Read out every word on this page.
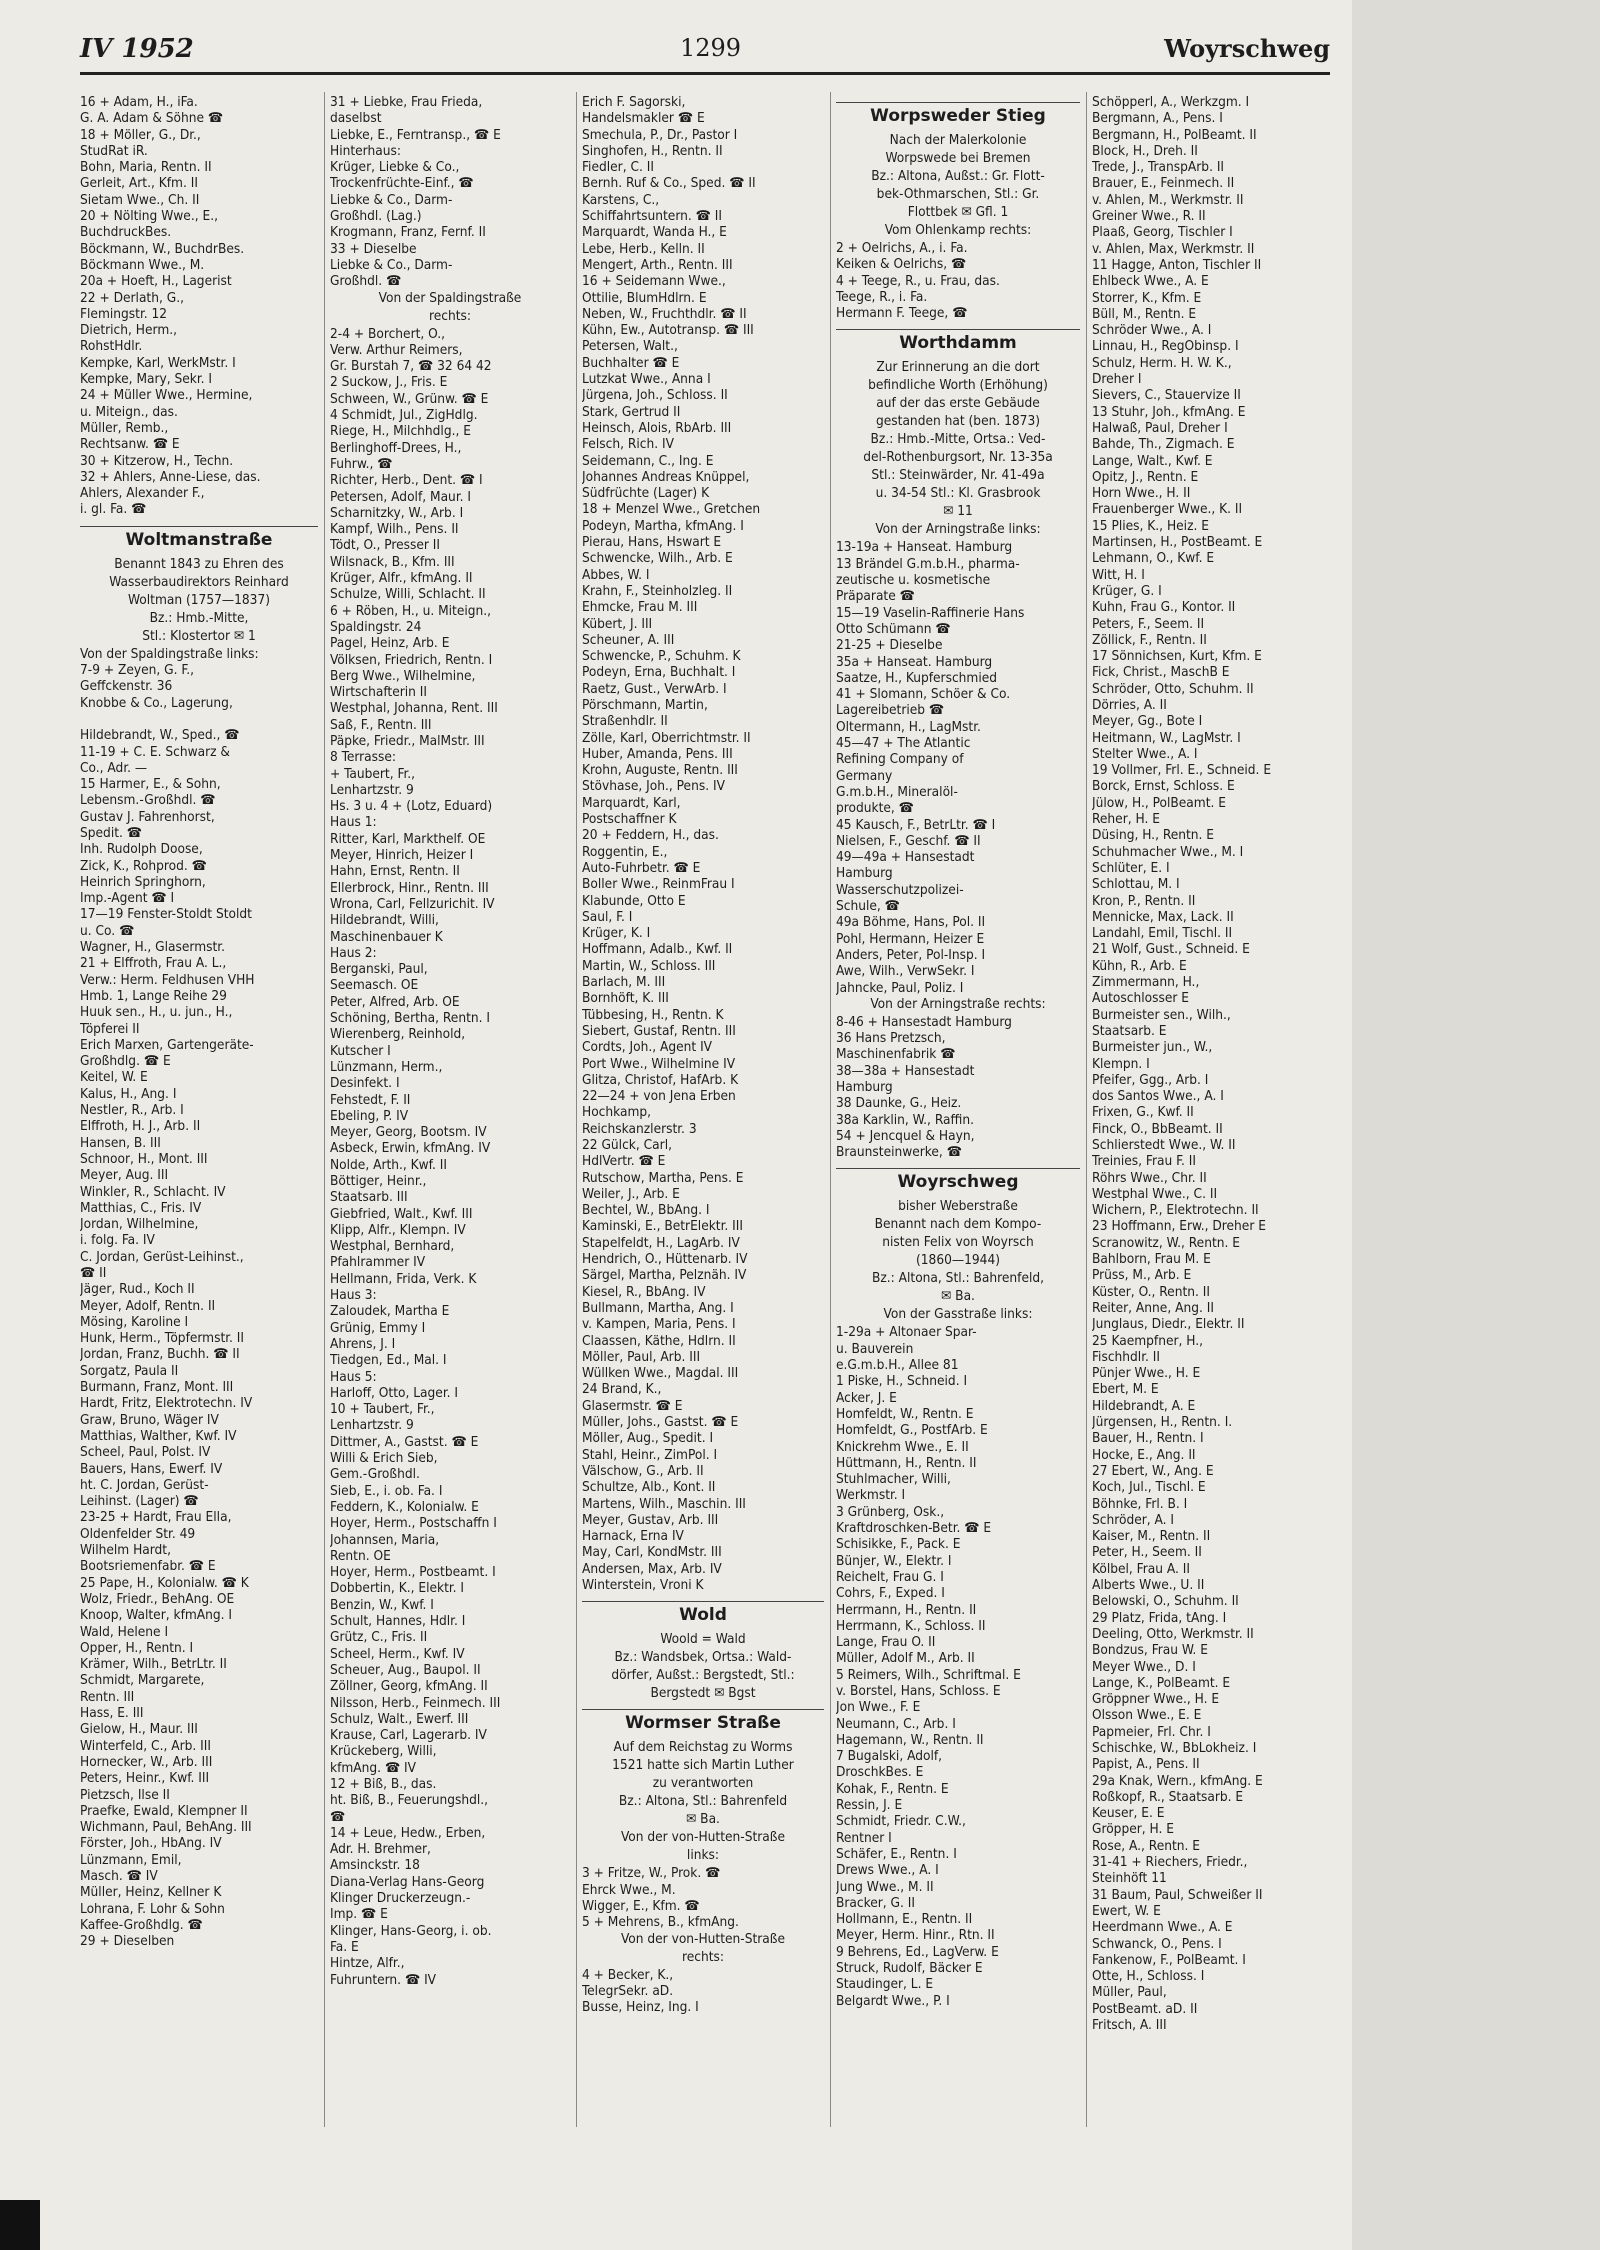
IV 1952	1299	Woyrschweg
16 + Adam, H., iFa.
G. A. Adam & Söhne ☎
18 + Möller, G., Dr.,
StudRat iR.
Bohn, Maria, Rentn. II
Gerleit, Art., Kfm. II
Sietam Wwe., Ch. II
20 + Nölting Wwe., E.,
BuchdruckBes.
Böckmann, W., BuchdrBes.
Böckmann Wwe., M.
20a + Hoeft, H., Lagerist
22 + Derlath, G.,
Flemingstr. 12
Dietrich, Herm.,
RohstHdlr.
Kempke, Karl, WerkMstr. I
Kempke, Mary, Sekr. I
24 + Müller Wwe., Hermine,
u. Miteign., das.
Müller, Remb.,
Rechtsanw. ☎ E
30 + Kitzerow, H., Techn.
32 + Ahlers, Anne-Liese, das.
Ahlers, Alexander F.,
i. gl. Fa. ☎
Woltmanstraße
Benannt 1843 zu Ehren des
Wasserbaudirektors Reinhard
Woltman (1757—1837)
Bz.: Hmb.-Mitte,
Stl.: Klostertor ✉ 1
Von der Spaldingstraße links:
7-9 + Zeyen, G. F.,
Geffckenstr. 36
Knobbe & Co., Lagerung,

Hildebrandt, W., Sped., ☎
11-19 + C. E. Schwarz &
Co., Adr. —
15 Harmer, E., & Sohn,
Lebensm.-Großhdl. ☎
Gustav J. Fahrenhorst,
Spedit. ☎
Inh. Rudolph Doose,
Zick, K., Rohprod. ☎
Heinrich Springhorn,
Imp.-Agent ☎ I
17—19 Fenster-Stoldt Stoldt
u. Co. ☎
Wagner, H., Glasermstr.
21 + Elffroth, Frau A. L.,
Verw.: Herm. Feldhusen VHH
Hmb. 1, Lange Reihe 29
Huuk sen., H., u. jun., H.,
Töpferei II
Erich Marxen, Gartengeräte-
Großhdlg. ☎ E
Keitel, W. E
Kalus, H., Ang. I
Nestler, R., Arb. I
Elffroth, H. J., Arb. II
Hansen, B. III
Schnoor, H., Mont. III
Meyer, Aug. III
Winkler, R., Schlacht. IV
Matthias, C., Fris. IV
Jordan, Wilhelmine,
i. folg. Fa. IV
C. Jordan, Gerüst-Leihinst.,
☎ II
Jäger, Rud., Koch II
Meyer, Adolf, Rentn. II
Mösing, Karoline I
Hunk, Herm., Töpfermstr. II
Jordan, Franz, Buchh. ☎ II
Sorgatz, Paula II
Burmann, Franz, Mont. III
Hardt, Fritz, Elektrotechn. IV
Graw, Bruno, Wäger IV
Matthias, Walther, Kwf. IV
Scheel, Paul, Polst. IV
Bauers, Hans, Ewerf. IV
ht. C. Jordan, Gerüst-
Leihinst. (Lager) ☎
23-25 + Hardt, Frau Ella,
Oldenfelder Str. 49
Wilhelm Hardt,
Bootsriemenfabr. ☎ E
25 Pape, H., Kolonialw. ☎ K
Wolz, Friedr., BehAng. OE
Knoop, Walter, kfmAng. I
Wald, Helene I
Opper, H., Rentn. I
Krämer, Wilh., BetrLtr. II
Schmidt, Margarete,
Rentn. III
Hass, E. III
Gielow, H., Maur. III
Winterfeld, C., Arb. III
Hornecker, W., Arb. III
Peters, Heinr., Kwf. III
Pietzsch, Ilse II
Praefke, Ewald, Klempner II
Wichmann, Paul, BehAng. III
Förster, Joh., HbAng. IV
Lünzmann, Emil,
Masch. ☎ IV
Müller, Heinz, Kellner K
Lohrana, F. Lohr & Sohn
Kaffee-Großhdlg. ☎
29 + Dieselben
31 + Liebke, Frau Frieda,
daselbst
Liebke, E., Ferntransp., ☎ E
Hinterhaus:
Krüger, Liebke & Co.,
Trockenfrüchte-Einf., ☎
Liebke & Co., Darm-
Großhdl. (Lag.)
Krogmann, Franz, Fernf. II
33 + Dieselbe
Liebke & Co., Darm-
Großhdl. ☎
Von der Spaldingstraße
rechts:
2-4 + Borchert, O.,
Verw. Arthur Reimers,
Gr. Burstah 7, ☎ 32 64 42
2 Suckow, J., Fris. E
Schween, W., Grünw. ☎ E
4 Schmidt, Jul., ZigHdlg.
Riege, H., Milchhdlg., E
Berlinghoff-Drees, H.,
Fuhrw., ☎
Richter, Herb., Dent. ☎ I
Petersen, Adolf, Maur. I
Scharnitzky, W., Arb. I
Kampf, Wilh., Pens. II
Tödt, O., Presser II
Wilsnack, B., Kfm. III
Krüger, Alfr., kfmAng. II
Schulze, Willi, Schlacht. II
6 + Röben, H., u. Miteign.,
Spaldingstr. 24
Pagel, Heinz, Arb. E
Völksen, Friedrich, Rentn. I
Berg Wwe., Wilhelmine,
Wirtschafterin II
Westphal, Johanna, Rent. III
Saß, F., Rentn. III
Päpke, Friedr., MalMstr. III
8 Terrasse:
+ Taubert, Fr.,
Lenhartzstr. 9
Hs. 3 u. 4 + (Lotz, Eduard)
Haus 1:
Ritter, Karl, Markthelf. OE
Meyer, Hinrich, Heizer I
Hahn, Ernst, Rentn. II
Ellerbrock, Hinr., Rentn. III
Wrona, Carl, Fellzurichit. IV
Hildebrandt, Willi,
Maschinenbauer K
Haus 2:
Berganski, Paul,
Seemasch. OE
Peter, Alfred, Arb. OE
Schöning, Bertha, Rentn. I
Wierenberg, Reinhold,
Kutscher I
Lünzmann, Herm.,
Desinfekt. I
Fehstedt, F. II
Ebeling, P. IV
Meyer, Georg, Bootsm. IV
Asbeck, Erwin, kfmAng. IV
Nolde, Arth., Kwf. II
Böttiger, Heinr.,
Staatsarb. III
Giebfried, Walt., Kwf. III
Klipp, Alfr., Klempn. IV
Westphal, Bernhard,
Pfahlrammer IV
Hellmann, Frida, Verk. K
Haus 3:
Zaloudek, Martha E
Grünig, Emmy I
Ahrens, J. I
Tiedgen, Ed., Mal. I
Haus 5:
Harloff, Otto, Lager. I
10 + Taubert, Fr.,
Lenhartzstr. 9
Dittmer, A., Gastst. ☎ E
Willi & Erich Sieb,
Gem.-Großhdl.
Sieb, E., i. ob. Fa. I
Feddern, K., Kolonialw. E
Hoyer, Herm., Postschaffn I
Johannsen, Maria,
Rentn. OE
Hoyer, Herm., Postbeamt. I
Dobbertin, K., Elektr. I
Benzin, W., Kwf. I
Schult, Hannes, Hdlr. I
Grütz, C., Fris. II
Scheel, Herm., Kwf. IV
Scheuer, Aug., Baupol. II
Zöllner, Georg, kfmAng. II
Nilsson, Herb., Feinmech. III
Schulz, Walt., Ewerf. III
Krause, Carl, Lagerarb. IV
Krückeberg, Willi,
kfmAng. ☎ IV
12 + Biß, B., das.
ht. Biß, B., Feuerungshdl.,
☎
14 + Leue, Hedw., Erben,
Adr. H. Brehmer,
Amsinckstr. 18
Diana-Verlag Hans-Georg
Klinger Druckerzeugn.-
Imp. ☎ E
Klinger, Hans-Georg, i. ob.
Fa. E
Hintze, Alfr.,
Fuhruntern. ☎ IV
Erich F. Sagorski,
Handelsmakler ☎ E
Smechula, P., Dr., Pastor I
Singhofen, H., Rentn. II
Fiedler, C. II
Bernh. Ruf & Co., Sped. ☎ II
Karstens, C.,
Schiffahrtsuntern. ☎ II
Marquardt, Wanda H., E
Lebe, Herb., Kelln. II
Mengert, Arth., Rentn. III
16 + Seidemann Wwe.,
Ottilie, BlumHdlrn. E
Neben, W., Fruchthdlr. ☎ II
Kühn, Ew., Autotransp. ☎ III
Petersen, Walt.,
Buchhalter ☎ E
Lutzkat Wwe., Anna I
Jürgena, Joh., Schloss. II
Stark, Gertrud II
Heinsch, Alois, RbArb. III
Felsch, Rich. IV
Seidemann, C., Ing. E
Johannes Andreas Knüppel,
Südfrüchte (Lager) K
18 + Menzel Wwe., Gretchen
Podeyn, Martha, kfmAng. I
Pierau, Hans, Hswart E
Schwencke, Wilh., Arb. E
Abbes, W. I
Krahn, F., Steinholzleg. II
Ehmcke, Frau M. III
Kübert, J. III
Scheuner, A. III
Schwencke, P., Schuhm. K
Podeyn, Erna, Buchhalt. I
Raetz, Gust., VerwArb. I
Pörschmann, Martin,
Straßenhdlr. II
Zölle, Karl, Oberrichtmstr. II
Huber, Amanda, Pens. III
Krohn, Auguste, Rentn. III
Stövhase, Joh., Pens. IV
Marquardt, Karl,
Postschaffner K
20 + Feddern, H., das.
Roggentin, E.,
Auto-Fuhrbetr. ☎ E
Boller Wwe., ReinmFrau I
Klabunde, Otto E
Saul, F. I
Krüger, K. I
Hoffmann, Adalb., Kwf. II
Martin, W., Schloss. III
Barlach, M. III
Bornhöft, K. III
Tübbesing, H., Rentn. K
Siebert, Gustaf, Rentn. III
Cordts, Joh., Agent IV
Port Wwe., Wilhelmine IV
Glitza, Christof, HafArb. K
22—24 + von Jena Erben
Hochkamp,
Reichskanzlerstr. 3
22 Gülck, Carl,
HdlVertr. ☎ E
Rutschow, Martha, Pens. E
Weiler, J., Arb. E
Bechtel, W., BbAng. I
Kaminski, E., BetrElektr. III
Stapelfeldt, H., LagArb. IV
Hendrich, O., Hüttenarb. IV
Särgel, Martha, Pelznäh. IV
Kiesel, R., BbAng. IV
Bullmann, Martha, Ang. I
v. Kampen, Maria, Pens. I
Claassen, Käthe, Hdlrn. II
Möller, Paul, Arb. III
Wüllken Wwe., Magdal. III
24 Brand, K.,
Glasermstr. ☎ E
Müller, Johs., Gastst. ☎ E
Möller, Aug., Spedit. I
Stahl, Heinr., ZimPol. I
Välschow, G., Arb. II
Schultze, Alb., Kont. II
Martens, Wilh., Maschin. III
Meyer, Gustav, Arb. III
Harnack, Erna IV
May, Carl, KondMstr. III
Andersen, Max, Arb. IV
Winterstein, Vroni K
Wold
Woold = Wald
Bz.: Wandsbek, Ortsa.: Wald-
dörfer, Außst.: Bergstedt, Stl.:
Bergstedt ✉ Bgst
Wormser Straße
Auf dem Reichstag zu Worms
1521 hatte sich Martin Luther
zu verantworten
Bz.: Altona, Stl.: Bahrenfeld
✉ Ba.
Von der von-Hutten-Straße
links:
3 + Fritze, W., Prok. ☎
Ehrck Wwe., M.
Wigger, E., Kfm. ☎
5 + Mehrens, B., kfmAng.
Von der von-Hutten-Straße
rechts:
4 + Becker, K.,
TelegrSekr. aD.
Busse, Heinz, Ing. I
Worpsweder Stieg
Nach der Malerkolonie
Worpswede bei Bremen
Bz.: Altona, Außst.: Gr. Flott-
bek-Othmarschen, Stl.: Gr.
Flottbek ✉ Gfl. 1
Vom Ohlenkamp rechts:
2 + Oelrichs, A., i. Fa.
Keiken & Oelrichs, ☎
4 + Teege, R., u. Frau, das.
Teege, R., i. Fa.
Hermann F. Teege, ☎
Worthdamm
Zur Erinnerung an die dort
befindliche Worth (Erhöhung)
auf der das erste Gebäude
gestanden hat (ben. 1873)
Bz.: Hmb.-Mitte, Ortsa.: Ved-
del-Rothenburgsort, Nr. 13-35a
Stl.: Steinwärder, Nr. 41-49a
u. 34-54 Stl.: Kl. Grasbrook
✉ 11
Von der Arningstraße links:
13-19a + Hanseat. Hamburg
13 Brändel G.m.b.H., pharma-
zeutische u. kosmetische
Präparate ☎
15—19 Vaselin-Raffinerie Hans
Otto Schümann ☎
21-25 + Dieselbe
35a + Hanseat. Hamburg
Saatze, H., Kupferschmied
41 + Slomann, Schöer & Co.
Lagereibetrieb ☎
Oltermann, H., LagMstr.
45—47 + The Atlantic
Refining Company of
Germany
G.m.b.H., Mineralöl-
produkte, ☎
45 Kausch, F., BetrLtr. ☎ I
Nielsen, F., Geschf. ☎ II
49—49a + Hansestadt
Hamburg
Wasserschutzpolizei-
Schule, ☎
49a Böhme, Hans, Pol. II
Pohl, Hermann, Heizer E
Anders, Peter, Pol-Insp. I
Awe, Wilh., VerwSekr. I
Jahncke, Paul, Poliz. I
Von der Arningstraße rechts:
8-46 + Hansestadt Hamburg
36 Hans Pretzsch,
Maschinenfabrik ☎
38—38a + Hansestadt
Hamburg
38 Daunke, G., Heiz.
38a Karklin, W., Raffin.
54 + Jencquel & Hayn,
Braunsteinwerke, ☎
Woyrschweg
bisher Weberstraße
Benannt nach dem Kompo-
nisten Felix von Woyrsch
(1860—1944)
Bz.: Altona, Stl.: Bahrenfeld,
✉ Ba.
Von der Gasstraße links:
1-29a + Altonaer Spar-
u. Bauverein
e.G.m.b.H., Allee 81
1 Piske, H., Schneid. I
Acker, J. E
Homfeldt, W., Rentn. E
Homfeldt, G., PostfArb. E
Knickrehm Wwe., E. II
Hüttmann, H., Rentn. II
Stuhlmacher, Willi,
Werkmstr. I
3 Grünberg, Osk.,
Kraftdroschken-Betr. ☎ E
Schisikke, F., Pack. E
Bünjer, W., Elektr. I
Reichelt, Frau G. I
Cohrs, F., Exped. I
Herrmann, H., Rentn. II
Herrmann, K., Schloss. II
Lange, Frau O. II
Müller, Adolf M., Arb. II
5 Reimers, Wilh., Schriftmal. E
v. Borstel, Hans, Schloss. E
Jon Wwe., F. E
Neumann, C., Arb. I
Hagemann, W., Rentn. II
7 Bugalski, Adolf,
DroschkBes. E
Kohak, F., Rentn. E
Ressin, J. E
Schmidt, Friedr. C.W.,
Rentner I
Schäfer, E., Rentn. I
Drews Wwe., A. I
Jung Wwe., M. II
Bracker, G. II
Hollmann, E., Rentn. II
Meyer, Herm. Hinr., Rtn. II
9 Behrens, Ed., LagVerw. E
Struck, Rudolf, Bäcker E
Staudinger, L. E
Belgardt Wwe., P. I
Schöpperl, A., Werkzgm. I
Bergmann, A., Pens. I
Bergmann, H., PolBeamt. II
Block, H., Dreh. II
Trede, J., TranspArb. II
Brauer, E., Feinmech. II
v. Ahlen, M., Werkmstr. II
Greiner Wwe., R. II
Plaaß, Georg, Tischler I
v. Ahlen, Max, Werkmstr. II
11 Hagge, Anton, Tischler II
Ehlbeck Wwe., A. E
Storrer, K., Kfm. E
Büll, M., Rentn. E
Schröder Wwe., A. I
Linnau, H., RegObinsp. I
Schulz, Herm. H. W. K.,
Dreher I
Sievers, C., Stauervize II
13 Stuhr, Joh., kfmAng. E
Halwaß, Paul, Dreher I
Bahde, Th., Zigmach. E
Lange, Walt., Kwf. E
Opitz, J., Rentn. E
Horn Wwe., H. II
Frauenberger Wwe., K. II
15 Plies, K., Heiz. E
Martinsen, H., PostBeamt. E
Lehmann, O., Kwf. E
Witt, H. I
Krüger, G. I
Kuhn, Frau G., Kontor. II
Peters, F., Seem. II
Zöllick, F., Rentn. II
17 Sönnichsen, Kurt, Kfm. E
Fick, Christ., MaschB E
Schröder, Otto, Schuhm. II
Dörries, A. II
Meyer, Gg., Bote I
Heitmann, W., LagMstr. I
Stelter Wwe., A. I
19 Vollmer, Frl. E., Schneid. E
Borck, Ernst, Schloss. E
Jülow, H., PolBeamt. E
Reher, H. E
Düsing, H., Rentn. E
Schuhmacher Wwe., M. I
Schlüter, E. I
Schlottau, M. I
Kron, P., Rentn. II
Mennicke, Max, Lack. II
Landahl, Emil, Tischl. II
21 Wolf, Gust., Schneid. E
Kühn, R., Arb. E
Zimmermann, H.,
Autoschlosser E
Burmeister sen., Wilh.,
Staatsarb. E
Burmeister jun., W.,
Klempn. I
Pfeifer, Ggg., Arb. I
dos Santos Wwe., A. I
Frixen, G., Kwf. II
Finck, O., BbBeamt. II
Schlierstedt Wwe., W. II
Treinies, Frau F. II
Röhrs Wwe., Chr. II
Westphal Wwe., C. II
Wichern, P., Elektrotechn. II
23 Hoffmann, Erw., Dreher E
Scranowitz, W., Rentn. E
Bahlborn, Frau M. E
Prüss, M., Arb. E
Küster, O., Rentn. II
Reiter, Anne, Ang. II
Junglaus, Diedr., Elektr. II
25 Kaempfner, H.,
Fischhdlr. II
Pünjer Wwe., H. E
Ebert, M. E
Hildebrandt, A. E
Jürgensen, H., Rentn. I.
Bauer, H., Rentn. I
Hocke, E., Ang. II
27 Ebert, W., Ang. E
Koch, Jul., Tischl. E
Böhnke, Frl. B. I
Schröder, A. I
Kaiser, M., Rentn. II
Peter, H., Seem. II
Kölbel, Frau A. II
Alberts Wwe., U. II
Belowski, O., Schuhm. II
29 Platz, Frida, tAng. I
Deeling, Otto, Werkmstr. II
Bondzus, Frau W. E
Meyer Wwe., D. I
Lange, K., PolBeamt. E
Gröppner Wwe., H. E
Olsson Wwe., E. E
Papmeier, Frl. Chr. I
Schischke, W., BbLokheiz. I
Papist, A., Pens. II
29a Knak, Wern., kfmAng. E
Roßkopf, R., Staatsarb. E
Keuser, E. E
Gröpper, H. E
Rose, A., Rentn. E
31-41 + Riechers, Friedr.,
Steinhöft 11
31 Baum, Paul, Schweißer II
Ewert, W. E
Heerdmann Wwe., A. E
Schwanck, O., Pens. I
Fankenow, F., PolBeamt. I
Otte, H., Schloss. I
Müller, Paul,
PostBeamt. aD. II
Fritsch, A. III
